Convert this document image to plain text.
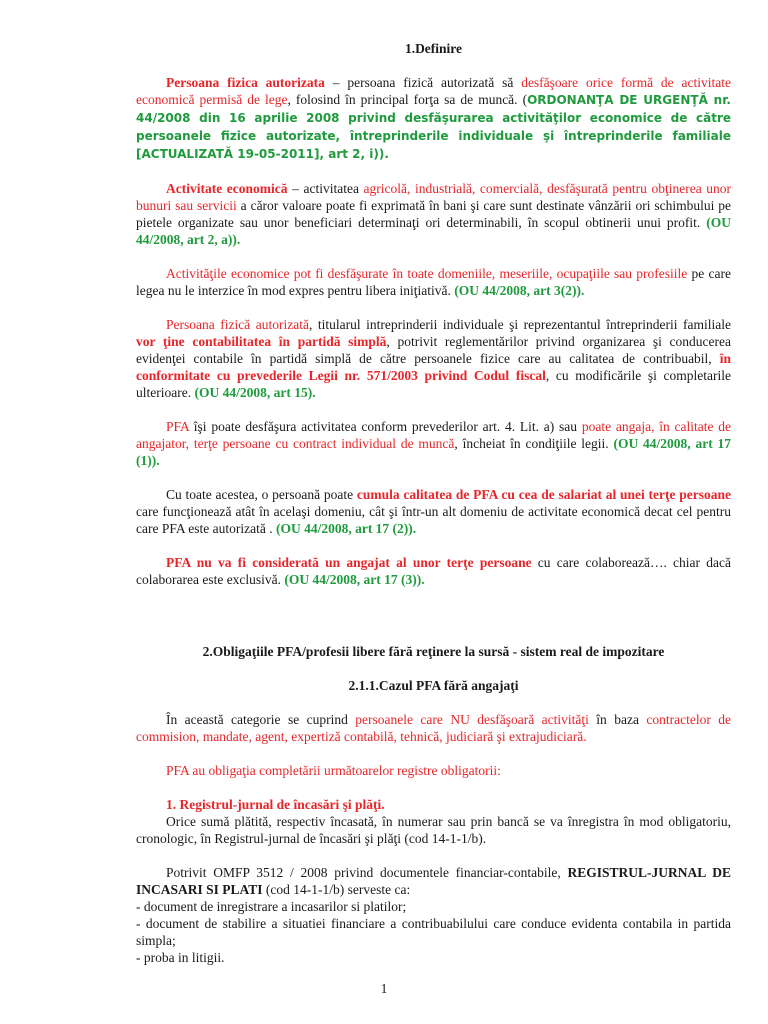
1.Definire

Persoana fizica autorizata – persoana fizică autorizată să desfăşoare orice formă de activitate economică permisă de lege, folosind în principal forţa sa de muncă. (ORDONANŢA DE URGENŢĂ nr. 44/2008 din 16 aprilie 2008 privind desfăşurarea activităţilor economice de către persoanele fizice autorizate, întreprinderile individuale şi întreprinderile familiale [ACTUALIZATĂ 19-05-2011], art 2, i)).

Activitate economică – activitatea agricolă, industrială, comercială, desfăşurată pentru obţinerea unor bunuri sau servicii a căror valoare poate fi exprimată în bani şi care sunt destinate vânzării ori schimbului pe pietele organizate sau unor beneficiari determinaţi ori determinabili, în scopul obtinerii unui profit. (OU 44/2008, art 2, a)).

Activităţile economice pot fi desfăşurate în toate domeniile, meseriile, ocupaţiile sau profesiile pe care legea nu le interzice în mod expres pentru libera iniţiativă. (OU 44/2008, art 3(2)).

Persoana fizică autorizată, titularul intreprinderii individuale şi reprezentantul întreprinderii familiale vor ţine contabilitatea în partidă simplă, potrivit reglementărilor privind organizarea şi conducerea evidenţei contabile în partidă simplă de către persoanele fizice care au calitatea de contribuabil, în conformitate cu prevederile Legii nr. 571/2003 privind Codul fiscal, cu modificările şi completarile ulterioare. (OU 44/2008, art 15).

PFA îşi poate desfăşura activitatea conform prevederilor art. 4. Lit. a) sau poate angaja, în calitate de angajator, terţe persoane cu contract individual de muncă, încheiat în condiţiile legii. (OU 44/2008, art 17 (1)).

Cu toate acestea, o persoană poate cumula calitatea de PFA cu cea de salariat al unei terţe persoane care funcţionează atât în acelaşi domeniu, cât şi într-un alt domeniu de activitate economică decat cel pentru care PFA este autorizată . (OU 44/2008, art 17 (2)).

PFA nu va fi considerată un angajat al unor terţe persoane cu care colaborează…. chiar dacă colaborarea este exclusivă. (OU 44/2008, art 17 (3)).

2.Obligaţiile PFA/profesii libere fără reţinere la sursă - sistem real de impozitare
2.1.1.Cazul PFA fără angajaţi

În această categorie se cuprind persoanele care NU desfăşoară activităţi în baza contractelor de commision, mandate, agent, expertiză contabilă, tehnică, judiciară şi extrajudiciară.

PFA au obligaţia completării următoarelor registre obligatorii:

1. Registrul-jurnal de încasări şi plăţi.

Orice sumă plătită, respectiv încasată, în numerar sau prin bancă se va înregistra în mod obligatoriu, cronologic, în Registrul-jurnal de încasări şi plăţi (cod 14-1-1/b).

Potrivit OMFP 3512 / 2008 privind documentele financiar-contabile, REGISTRUL-JURNAL DE INCASARI SI PLATI (cod 14-1-1/b) serveste ca:

- document de inregistrare a incasarilor si platilor;

- document de stabilire a situatiei financiare a contribuabilului care conduce evidenta contabila in partida simpla;

- proba in litigii.

1
